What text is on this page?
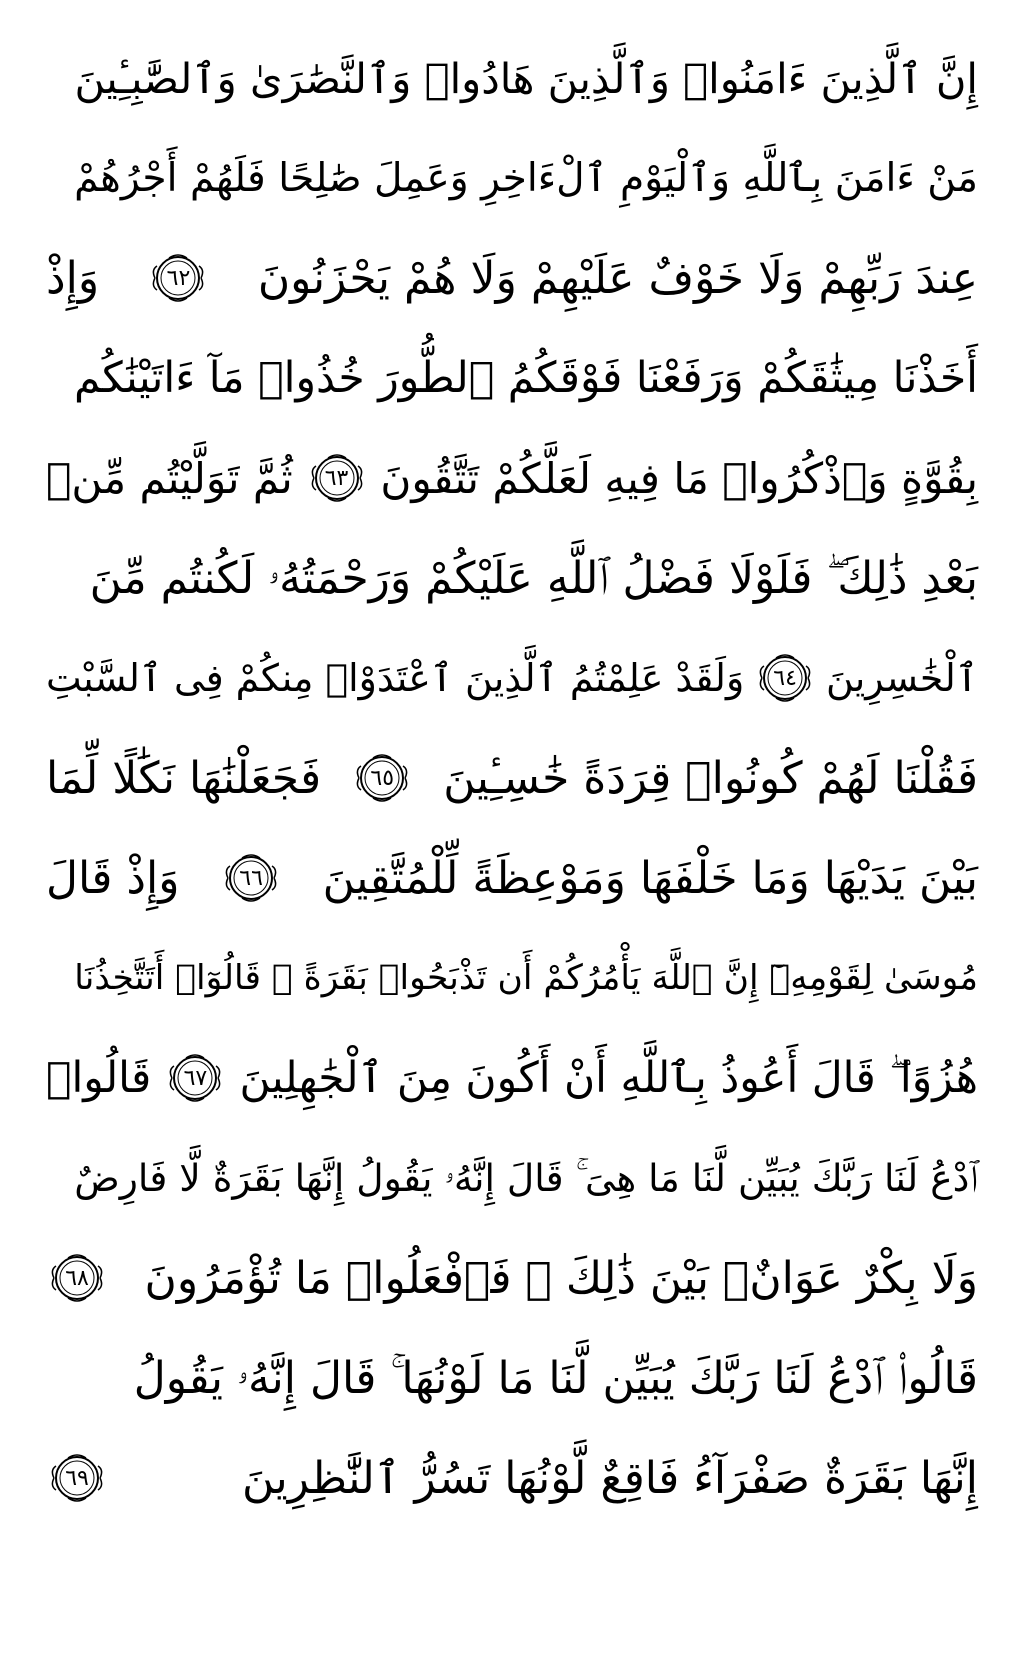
إِنَّ ٱلَّذِينَ ءَامَنُوا۟ وَٱلَّذِينَ هَادُوا۟ وَٱلنَّصَٰرَىٰ وَٱلصَّٰبِـِٔينَ
مَنْ ءَامَنَ بِٱللَّهِ وَٱلْيَوْمِ ٱلْءَاخِرِ وَعَمِلَ صَٰلِحًا فَلَهُمْ أَجْرُهُمْ
عِندَ رَبِّهِمْ وَلَا خَوْفٌ عَلَيْهِمْ وَلَا هُمْ يَحْزَنُونَ
٦٢
وَإِذْ
أَخَذْنَا مِيثَٰقَكُمْ وَرَفَعْنَا فَوْقَكُمُ ٱلطُّورَ خُذُوا۟ مَآ ءَاتَيْنَٰكُم
بِقُوَّةٍ وَٱذْكُرُوا۟ مَا فِيهِ لَعَلَّكُمْ تَتَّقُونَ
٦٣
ثُمَّ تَوَلَّيْتُم مِّنۢ
بَعْدِ ذَٰلِكَ ۖ فَلَوْلَا فَضْلُ ٱللَّهِ عَلَيْكُمْ وَرَحْمَتُهُۥ لَكُنتُم مِّنَ
ٱلْخَٰسِرِينَ
٦٤
وَلَقَدْ عَلِمْتُمُ ٱلَّذِينَ ٱعْتَدَوْا۟ مِنكُمْ فِى ٱلسَّبْتِ
فَقُلْنَا لَهُمْ كُونُوا۟ قِرَدَةً خَٰسِـِٔينَ
٦٥
فَجَعَلْنَٰهَا نَكَٰلًا لِّمَا
بَيْنَ يَدَيْهَا وَمَا خَلْفَهَا وَمَوْعِظَةً لِّلْمُتَّقِينَ
٦٦
وَإِذْ قَالَ
مُوسَىٰ لِقَوْمِهِۦٓ إِنَّ ٱللَّهَ يَأْمُرُكُمْ أَن تَذْبَحُوا۟ بَقَرَةً ۖ قَالُوٓا۟ أَتَتَّخِذُنَا
هُزُوًا ۖ قَالَ أَعُوذُ بِٱللَّهِ أَنْ أَكُونَ مِنَ ٱلْجَٰهِلِينَ
٦٧
قَالُوا۟
ٱدْعُ لَنَا رَبَّكَ يُبَيِّن لَّنَا مَا هِىَ ۚ قَالَ إِنَّهُۥ يَقُولُ إِنَّهَا بَقَرَةٌ لَّا فَارِضٌ
وَلَا بِكْرٌ عَوَانٌۢ بَيْنَ ذَٰلِكَ ۖ فَٱفْعَلُوا۟ مَا تُؤْمَرُونَ
٦٨
قَالُوا۟ ٱدْعُ لَنَا رَبَّكَ يُبَيِّن لَّنَا مَا لَوْنُهَا ۚ قَالَ إِنَّهُۥ يَقُولُ
إِنَّهَا بَقَرَةٌ صَفْرَآءُ فَاقِعٌ لَّوْنُهَا تَسُرُّ ٱلنَّٰظِرِينَ
٦٩
